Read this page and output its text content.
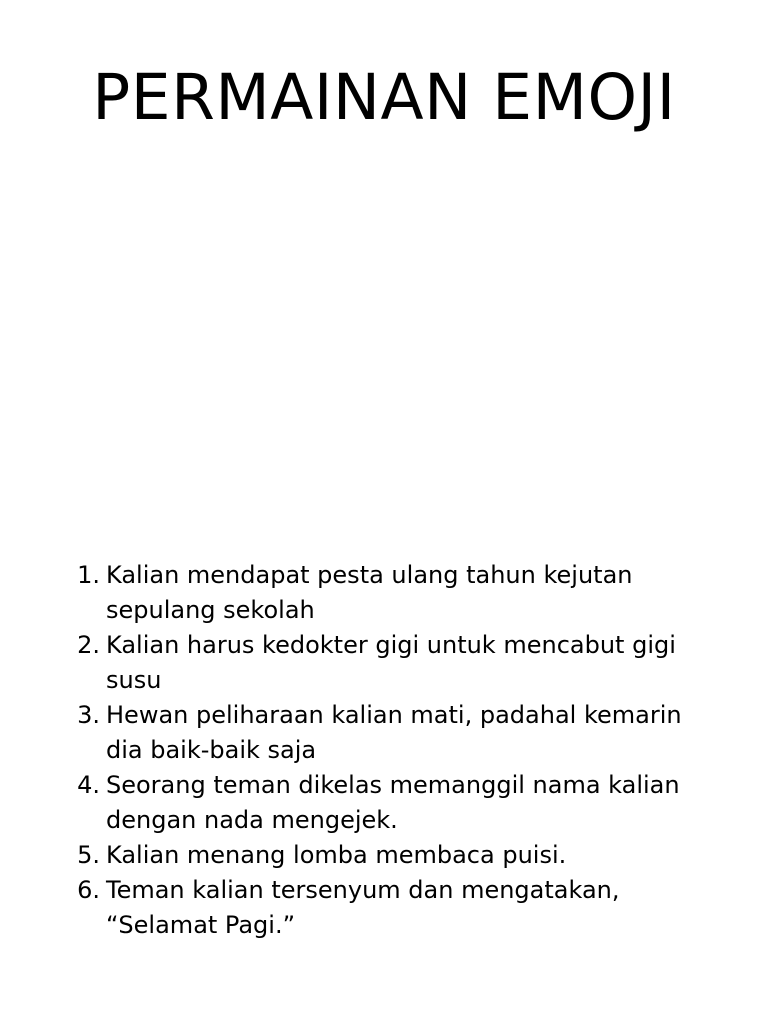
PERMAINAN EMOJI
1. Kalian mendapat pesta ulang tahun kejutan sepulang sekolah
2. Kalian harus kedokter gigi untuk mencabut gigi susu
3. Hewan peliharaan kalian mati, padahal kemarin dia baik-baik saja
4. Seorang teman dikelas memanggil nama kalian dengan nada mengejek.
5. Kalian menang lomba membaca puisi.
6. Teman kalian tersenyum dan mengatakan, “Selamat Pagi.”
